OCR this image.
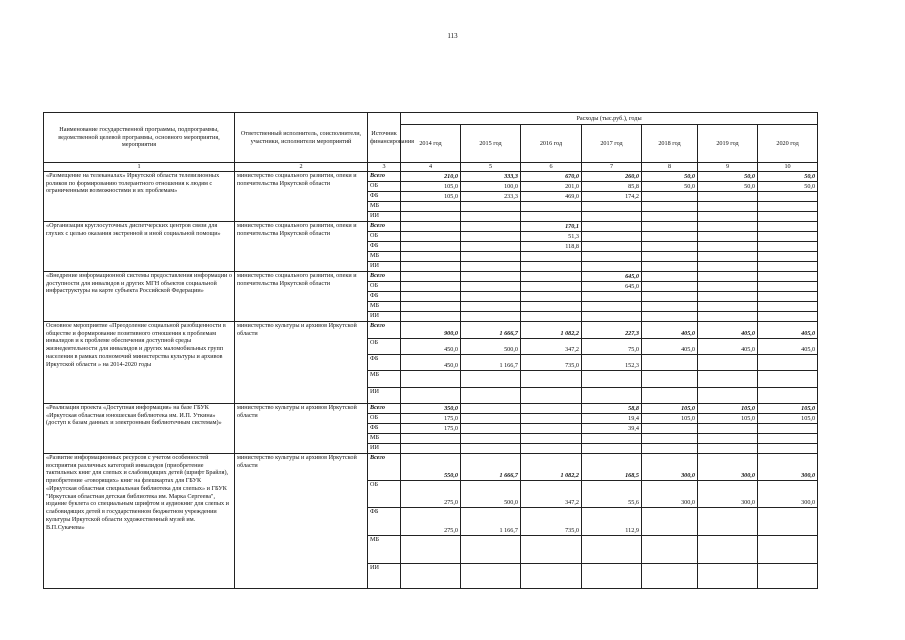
113
Наименование государственной программы, подпрограммы, ведомственной целевой программы, основного мероприятия, мероприятия	Ответственный исполнитель, соисполнители, участники, исполнители мероприятий	Источник финансирования	Расходы (тыс.руб.), годы						
			2014 год	2015 год	2016 год	2017 год	2018 год	2019 год	2020 год
1	2	3	4	5	6	7	8	9	10
«Размещение на телеканалах» Иркутской области телевизионных роликов по формированию толерантного отношения к людям с ограниченными возможностями и их проблемам»	министерство социального развития, опеки и попечительства Иркутской области	Всего	210,0	333,3	670,0	260,0	50,0	50,0	50,0
		ОБ	105,0	100,0	201,0	85,8	50,0	50,0	50,0
		ФБ	105,0	233,3	469,0	174,2			
		МБ							
		ИИ							
«Организация круглосуточных диспетчерских центров связи для глухих с целью оказания экстренной и иной социальной помощи»	министерство социального развития, опеки и попечительства Иркутской области	Всего			170,1				
		ОБ			51,3				
		ФБ			118,8				
		МБ							
		ИИ							
«Внедрение информационной системы предоставления информации о доступности для инвалидов и других МГН объектов социальной инфраструктуры на карте субъекта Российской Федерации»	министерство социального развития, опеки и попечительства Иркутской области	Всего				645,0			
		ОБ				645,0			
		ФБ							
		МБ							
		ИИ							
Основное мероприятие «Преодоление социальной разобщенности в обществе и формирование позитивного отношения к проблемам инвалидов и к проблеме обеспечения доступной среды жизнедеятельности для инвалидов и других маломобильных групп населения в рамках полномочий министерства культуры и архивов Иркутской области » на 2014-2020 годы	министерство культуры и архивов Иркутской области	Всего	900,0	1 666,7	1 082,2	227,3	405,0	405,0	405,0
		ОБ	450,0	500,0	347,2	75,0	405,0	405,0	405,0
		ФБ	450,0	1 166,7	735,0	152,3			
		МБ							
		ИИ							
«Реализация проекта «Доступная информация» на базе ГБУК «Иркутская областная юношеская библиотека им. И.П. Уткина» (доступ к базам данных и электронным библиотечным системам)»	министерство культуры и архивов Иркутской области	Всего	350,0			58,8	105,0	105,0	105,0
		ОБ	175,0			19,4	105,0	105,0	105,0
		ФБ	175,0			39,4			
		МБ							
		ИИ							
«Развитие информационных ресурсов с учетом особенностей восприятия различных категорий инвалидов (приобретение тактильных книг для слепых и слабовидящих детей (шрифт Брайля), приобретение «говорящих» книг на флешкартах для ГБУК «Иркутская областная специальная библиотека для слепых» и ГБУК "Иркутская областная детская библиотека им. Марка Сергеева", издание буклета со специальным шрифтом и аудиокниг для слепых и слабовидящих детей в государственном бюджетном учреждении культуры Иркутской области художественный музей им. В.П.Сукачева»	министерство культуры и архивов Иркутской области	Всего	550,0	1 666,7	1 082,2	168,5	300,0	300,0	300,0
		ОБ	275,0	500,0	347,2	55,6	300,0	300,0	300,0
		ФБ	275,0	1 166,7	735,0	112,9			
		МБ							
		ИИ							
